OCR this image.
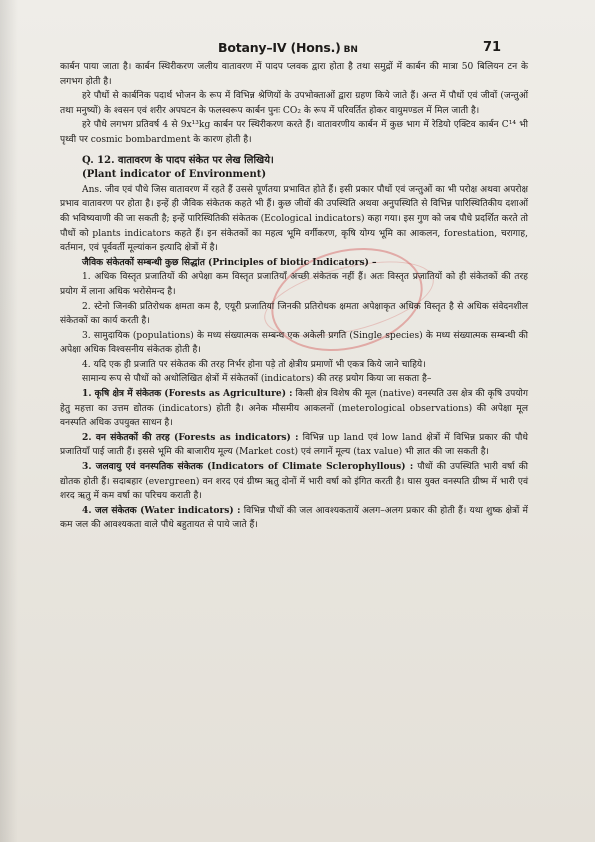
Botany–IV (Hons.) BN	71

कार्बन पाया जाता है। कार्बन स्थिरीकरण जलीय वातावरण में पादप प्लवक द्वारा होता है तथा समुद्रों में कार्बन की मात्रा 50 बिलियन टन के लगभग होती है।

हरे पौधों से कार्बनिक पदार्थ भोजन के रूप में विभिन्न श्रेणियों के उपभोक्ताओं द्वारा ग्रहण किये जाते हैं। अन्त में पौधों एवं जीवों (जन्तुओं तथा मनुष्यों) के श्वसन एवं शरीर अपघटन के फलस्वरूप कार्बन पुनः CO₂ के रूप में परिवर्तित होकर वायुमण्डल में मिल जाती है।

हरे पौधे लगभग प्रतिवर्ष 4 से 9x¹³kg कार्बन पर स्थिरीकरण करते हैं। वातावरणीय कार्बन में कुछ भाग में रेडियो एक्टिव कार्बन C¹⁴ भी पृथ्वी पर cosmic bombardment के कारण होती है।

Q. 12. वातावरण के पादप संकेत पर लेख लिखिये।

(Plant indicator of Environment)

Ans. जीव एवं पौधे जिस वातावरण में रहते हैं उससे पूर्णतया प्रभावित होते हैं। इसी प्रकार पौधों एवं जन्तुओं का भी परोक्ष अथवा अपरोक्ष प्रभाव वातावरण पर होता है। इन्हें ही जैविक संकेतक कहते भी हैं। कुछ जीवों की उपस्थिति अथवा अनुपस्थिति से विभिन्न पारिस्थितिकीय दशाओं की भविष्यवाणी की जा सकती है; इन्हें पारिस्थितिकी संकेतक (Ecological indicators) कहा गया। इस गुण को जब पौधे प्रदर्शित करते तो पौधों को plants indicators कहते हैं। इन संकेतकों का महत्व भूमि वर्गीकरण, कृषि योग्य भूमि का आकलन, forestation, चरागाह, वर्तमान, एवं पूर्ववर्ती मूल्यांकन इत्यादि क्षेत्रों में है।

जैविक संकेतकों सम्बन्धी कुछ सिद्धांत (Principles of biotic Indicators) –

1. अधिक विस्तृत प्रजातियों की अपेक्षा कम विस्तृत प्रजातियाँ अच्छी संकेतक नहीं हैं। अतः विस्तृत प्रजातियों को ही संकेतकों की तरह प्रयोग में लाना अधिक भरोसेमन्द है।

2. स्टेनो जिनकी प्रतिरोधक क्षमता कम है, एयूरी प्रजातियां जिनकी प्रतिरोधक क्षमता अपेक्षाकृत अधिक विस्तृत है से अधिक संवेदनशील संकेतकों का कार्य करती है।

3. सामुदायिक (populations) के मध्य संख्यात्मक सम्बन्ध एक अकेली प्रगति (Single species) के मध्य संख्यात्मक सम्बन्धी की अपेक्षा अधिक विश्वसनीय संकेतक होती है।

4. यदि एक ही प्रजाति पर संकेतक की तरह निर्भर होना पड़े तो क्षेत्रीय प्रमाणों भी एकत्र किये जाने चाहिये।

सामान्य रूप से पौधों को अधोलिखित क्षेत्रों में संकेतकों (indicators) की तरह प्रयोग किया जा सकता है–

1. कृषि क्षेत्र में संकेतक (Forests as Agriculture) : किसी क्षेत्र विशेष की मूल (native) वनस्पति उस क्षेत्र की कृषि उपयोग हेतु महत्ता का उत्तम द्योतक (indicators) होती है। अनेक मौसमीय आकलनों (meterological observations) की अपेक्षा मूल वनस्पति अधिक उपयुक्त साधन है।

2. वन संकेतकों की तरह (Forests as indicators) : विभिन्न up land एवं low land क्षेत्रों में विभिन्न प्रकार की पौधे प्रजातियाँ पाई जाती हैं। इससे भूमि की बाजारीय मूल्य (Market cost) एवं लगानें मूल्य (tax value) भी ज्ञात की जा सकती है।

3. जलवायु एवं वनस्पतिक संकेतक (Indicators of Climate Sclerophyllous) : पौधों की उपस्थिति भारी वर्षा की द्योतक होती हैं। सदाबहार (evergreen) वन शरद एवं ग्रीष्म ऋतु दोनों में भारी वर्षा को इंगित करती है। घास युक्त वनस्पति ग्रीष्म में भारी एवं शरद ऋतु में कम वर्षा का परिचय कराती है।

4. जल संकेतक (Water indicators) : विभिन्न पौधों की जल आवश्यकतायें अलग–अलग प्रकार की होती हैं। यथा शुष्क क्षेत्रों में कम जल की आवश्यकता वाले पौधे बहुतायत से पाये जाते हैं।
